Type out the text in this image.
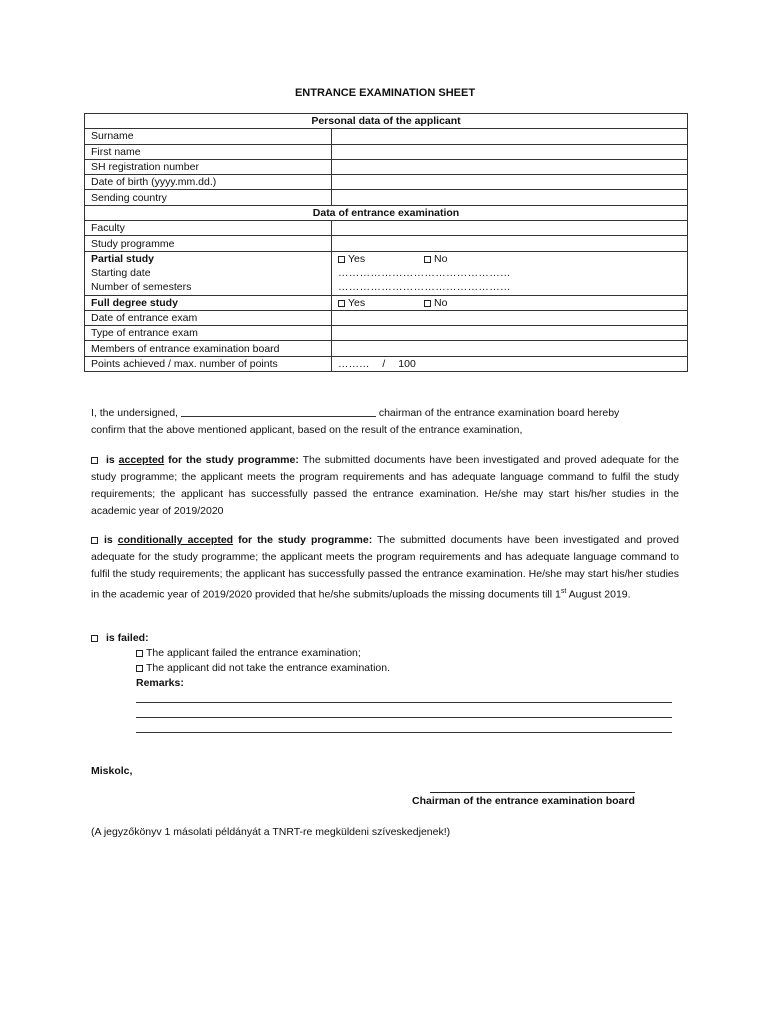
ENTRANCE EXAMINATION SHEET
Personal data of the applicant	
Surname	
First name	
SH registration number	
Date of birth (yyyy.mm.dd.)	
Sending country	
Data of entrance examination	
Faculty	
Study programme	
Partial study	Yes No
Starting date	…………………………………………
Number of semesters	…………………………………………
Full degree study	Yes No
Date of entrance exam	
Type of entrance exam	
Members of entrance examination board	
Points achieved / max. number of points	……… / 100
I, the undersigned,	chairman of the entrance examination board hereby
confirm that the above mentioned applicant, based on the result of the entrance examination,
is accepted for the study programme: The submitted documents have been investigated and proved adequate for the study programme; the applicant meets the program requirements and has adequate language command to fulfil the study requirements; the applicant has successfully passed the entrance examination. He/she may start his/her studies in the academic year of 2019/2020
is conditionally accepted for the study programme: The submitted documents have been investigated and proved adequate for the study programme; the applicant meets the program requirements and has adequate language command to fulfil the study requirements; the applicant has successfully passed the entrance examination. He/she may start his/her studies in the academic year of 2019/2020 provided that he/she submits/uploads the missing documents till 1st August 2019.
is failed:
The applicant failed the entrance examination;
The applicant did not take the entrance examination.
Remarks:
Miskolc,
Chairman of the entrance examination board
(A jegyzőkönyv 1 másolati példányát a TNRT-re megküldeni szíveskedjenek!)
